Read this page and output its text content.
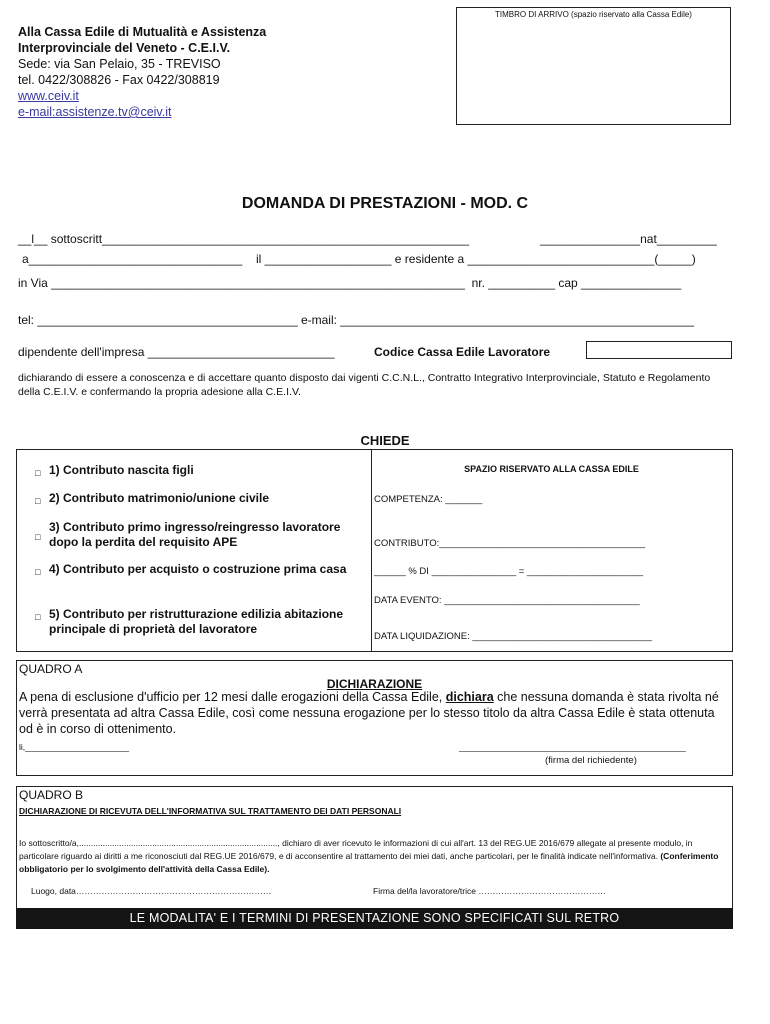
Alla Cassa Edile di Mutualità e Assistenza
Interprovinciale del Veneto - C.E.I.V.
Sede: via San Pelaio, 35 - TREVISO
tel. 0422/308826 - Fax 0422/308819
www.ceiv.it
e-mail:assistenze.tv@ceiv.it
TIMBRO DI ARRIVO (spazio riservato alla Cassa Edile)
DOMANDA DI PRESTAZIONI - MOD. C
__l__ sottoscritt_______________________________________________________	_______________nat_________
a________________________________ il ___________________ e residente a ____________________________(_____)
in Via ______________________________________________________________  nr. __________ cap _______________
tel: _______________________________________ e-mail: _____________________________________________________
dipendente dell'impresa ____________________________	Codice Cassa Edile Lavoratore
dichiarando di essere a conoscenza e di accettare quanto disposto dai vigenti C.C.N.L., Contratto Integrativo Interprovinciale, Statuto e Regolamento della C.E.I.V. e confermando la propria adesione alla C.E.I.V.
CHIEDE
□ 1) Contributo nascita figli
□ 2) Contributo matrimonio/unione civile
□
3) Contributo primo ingresso/reingresso lavoratore dopo la perdita del requisito APE
□ 4) Contributo per acquisto o costruzione prima casa
□ 5) Contributo per ristrutturazione edilizia abitazione principale di proprietà del lavoratore
SPAZIO RISERVATO ALLA CASSA EDILE
COMPETENZA: _______
CONTRIBUTO:_______________________________________
______ % DI ________________ = ______________________
DATA EVENTO: _____________________________________
DATA LIQUIDAZIONE: __________________________________
QUADRO A
DICHIARAZIONE
A pena di esclusione d'ufficio per 12 mesi dalle erogazioni della Cassa Edile, dichiara che nessuna domanda è stata rivolta né verrà presentata ad altra Cassa Edile, così come nessuna erogazione per lo stesso titolo da altra Cassa Edile è stata ottenuta od è in corso di ottenimento.
li,______________________	________________________________________________
(firma del richiedente)
QUADRO B
DICHIARAZIONE DI RICEVUTA DELL'INFORMATIVA SUL TRATTAMENTO DEI DATI PERSONALI
Io sottoscritto/a,...................................................................................., dichiaro di aver ricevuto le informazioni di cui all'art. 13 del REG.UE 2016/679 allegate al presente modulo, in particolare riguardo ai diritti a me riconosciuti dal REG.UE 2016/679, e di acconsentire al trattamento dei miei dati, anche particolari, per le finalità indicate nell'informativa. (Conferimento obbligatorio per lo svolgimento dell'attività della Cassa Edile).
Luogo, data……………………………………………………………	Firma del/la lavoratore/trice ………………………………………
LE MODALITA' E I TERMINI DI PRESENTAZIONE SONO SPECIFICATI SUL RETRO
